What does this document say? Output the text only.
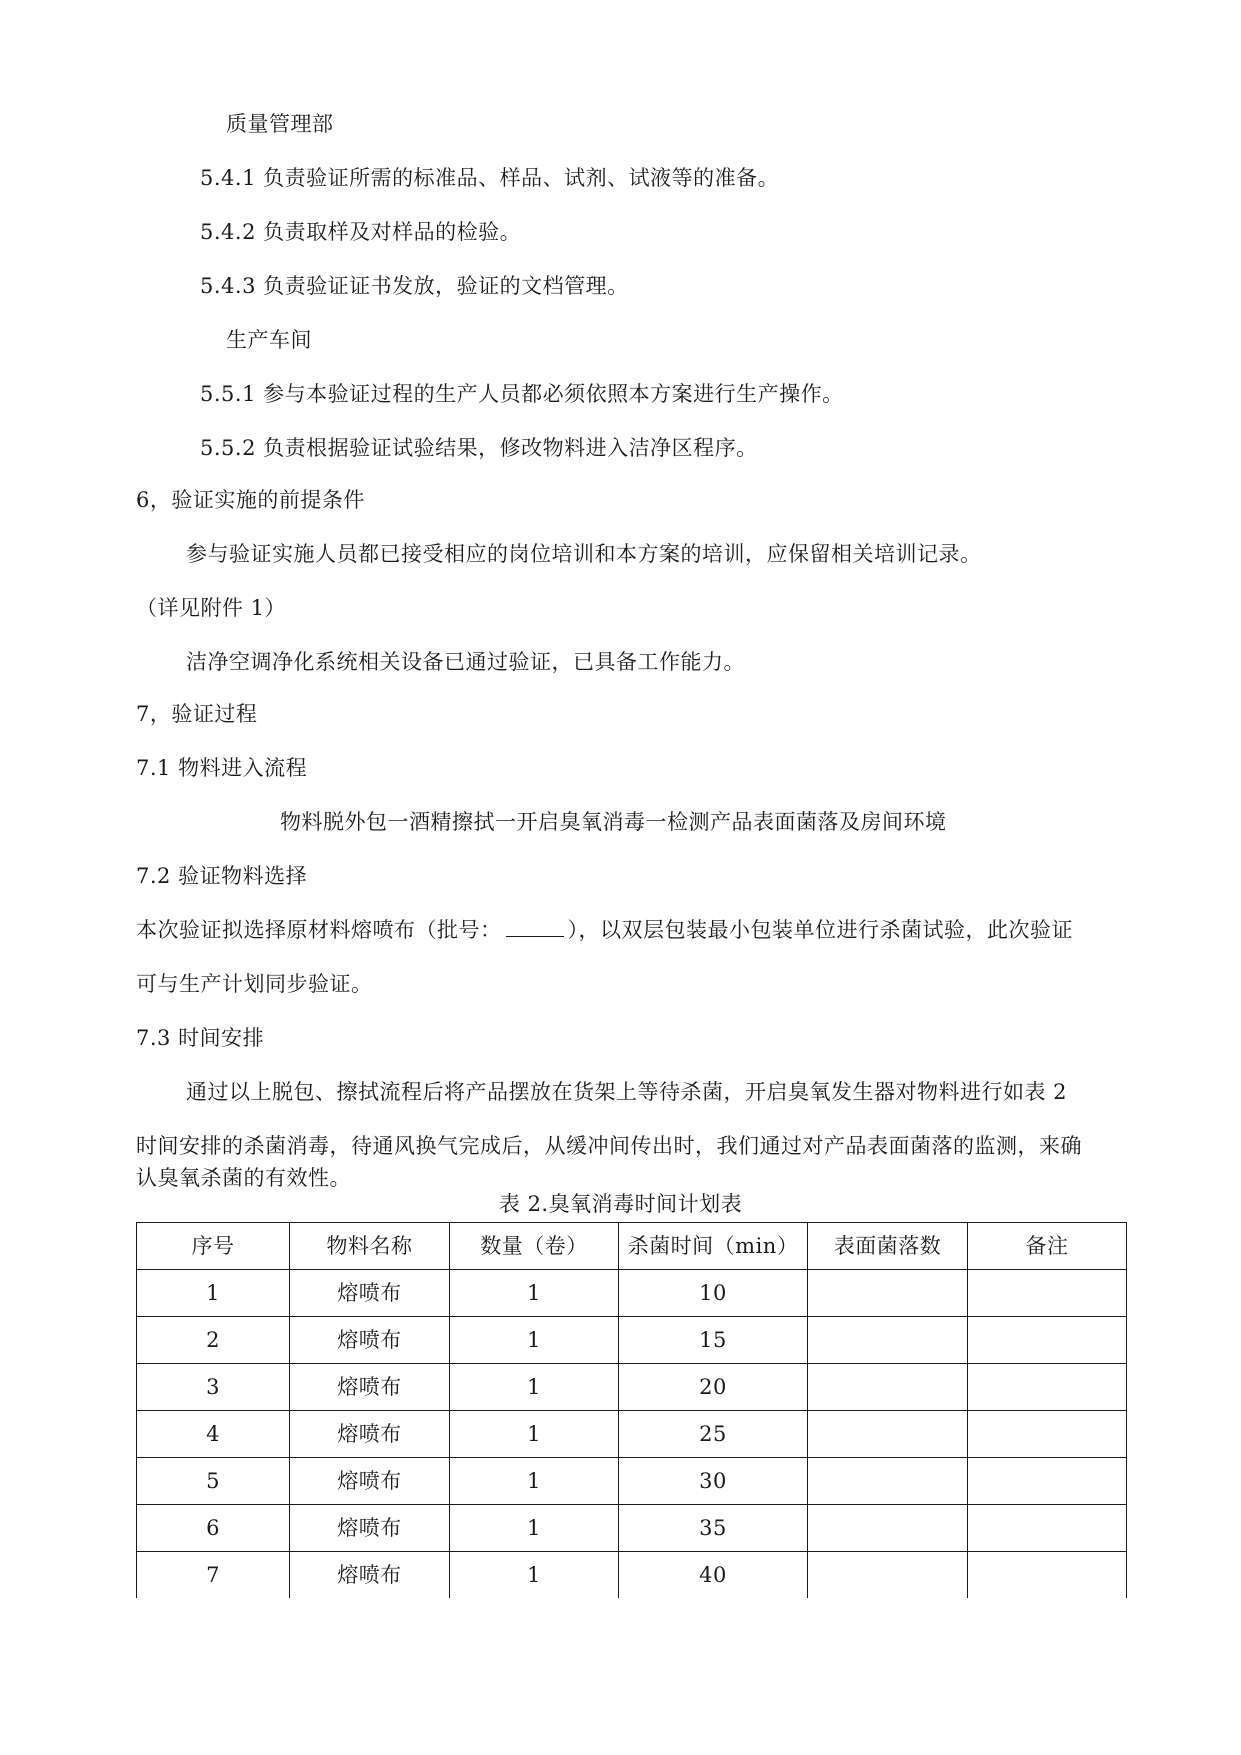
质量管理部
5.4.1 负责验证所需的标准品、样品、试剂、试液等的准备。
5.4.2 负责取样及对样品的检验。
5.4.3 负责验证证书发放，验证的文档管理。
生产车间
5.5.1 参与本验证过程的生产人员都必须依照本方案进行生产操作。
5.5.2 负责根据验证试验结果，修改物料进入洁净区程序。
6，验证实施的前提条件
参与验证实施人员都已接受相应的岗位培训和本方案的培训，应保留相关培训记录。
（详见附件 1）
洁净空调净化系统相关设备已通过验证，已具备工作能力。
7，验证过程
7.1 物料进入流程
物料脱外包一酒精擦拭一开启臭氧消毒一检测产品表面菌落及房间环境
7.2 验证物料选择
本次验证拟选择原材料熔喷布（批号：	），以双层包装最小包装单位进行杀菌试验，此次验证
可与生产计划同步验证。
7.3 时间安排
通过以上脱包、擦拭流程后将产品摆放在货架上等待杀菌，开启臭氧发生器对物料进行如表 2
时间安排的杀菌消毒，待通风换气完成后，从缓冲间传出时，我们通过对产品表面菌落的监测，来确
认臭氧杀菌的有效性。
表 2.臭氧消毒时间计划表
序号	物料名称	数量（卷）	杀菌时间（min）	表面菌落数	备注
1	熔喷布	1	10		
2	熔喷布	1	15		
3	熔喷布	1	20		
4	熔喷布	1	25		
5	熔喷布	1	30		
6	熔喷布	1	35		
7	熔喷布	1	40		
